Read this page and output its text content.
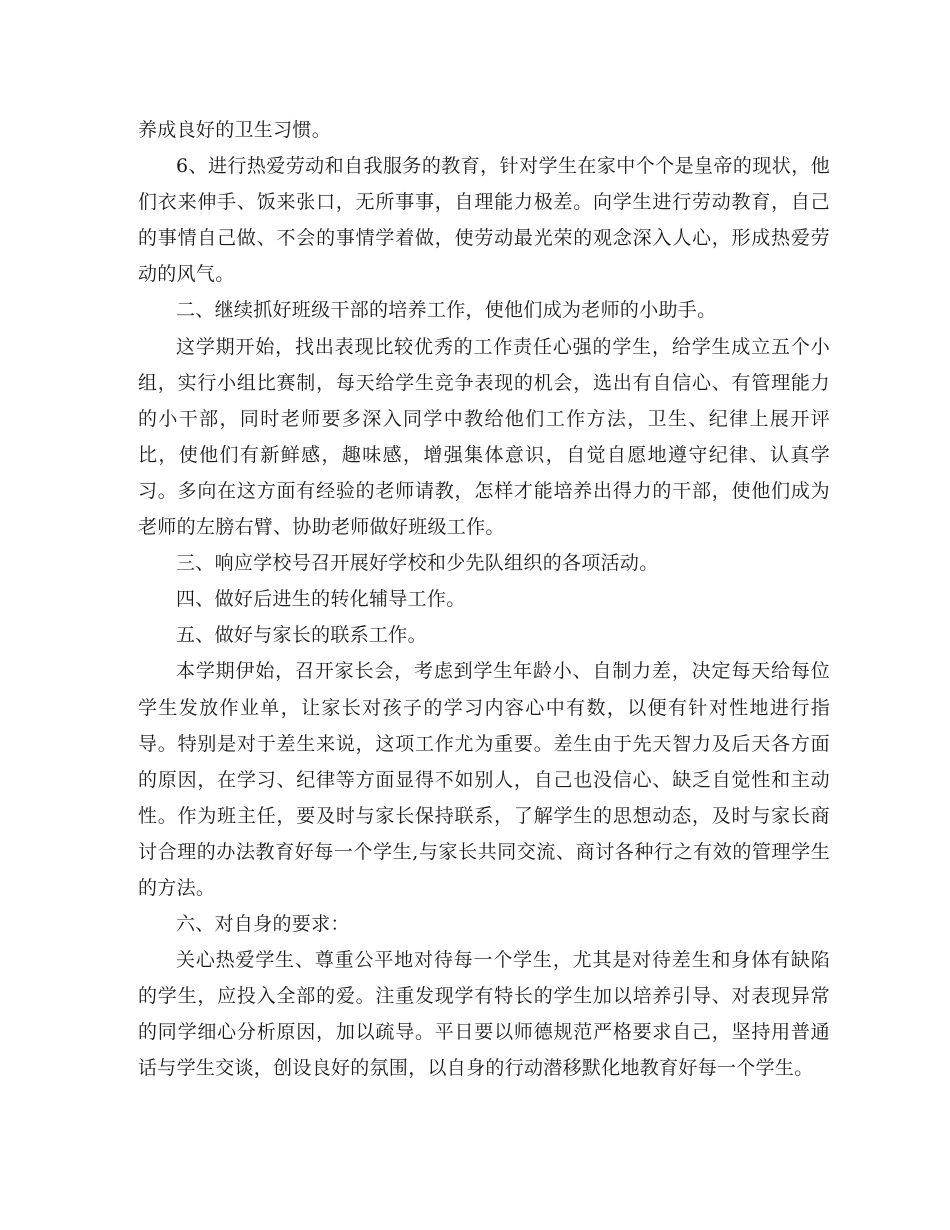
养成良好的卫生习惯。

6、进行热爱劳动和自我服务的教育，针对学生在家中个个是皇帝的现状，他们衣来伸手、饭来张口，无所事事，自理能力极差。向学生进行劳动教育，自己的事情自己做、不会的事情学着做，使劳动最光荣的观念深入人心，形成热爱劳动的风气。

二、继续抓好班级干部的培养工作，使他们成为老师的小助手。

这学期开始，找出表现比较优秀的工作责任心强的学生，给学生成立五个小组，实行小组比赛制，每天给学生竞争表现的机会，选出有自信心、有管理能力的小干部，同时老师要多深入同学中教给他们工作方法，卫生、纪律上展开评比，使他们有新鲜感，趣味感，增强集体意识，自觉自愿地遵守纪律、认真学习。多向在这方面有经验的老师请教，怎样才能培养出得力的干部，使他们成为老师的左膀右臂、协助老师做好班级工作。

三、响应学校号召开展好学校和少先队组织的各项活动。

四、做好后进生的转化辅导工作。

五、做好与家长的联系工作。

本学期伊始，召开家长会，考虑到学生年龄小、自制力差，决定每天给每位学生发放作业单，让家长对孩子的学习内容心中有数，以便有针对性地进行指导。特别是对于差生来说，这项工作尤为重要。差生由于先天智力及后天各方面的原因，在学习、纪律等方面显得不如别人，自己也没信心、缺乏自觉性和主动性。作为班主任，要及时与家长保持联系，了解学生的思想动态，及时与家长商讨合理的办法教育好每一个学生,与家长共同交流、商讨各种行之有效的管理学生的方法。

六、对自身的要求：

关心热爱学生、尊重公平地对待每一个学生，尤其是对待差生和身体有缺陷的学生，应投入全部的爱。注重发现学有特长的学生加以培养引导、对表现异常的同学细心分析原因，加以疏导。平日要以师德规范严格要求自己，坚持用普通话与学生交谈，创设良好的氛围，以自身的行动潜移默化地教育好每一个学生。
